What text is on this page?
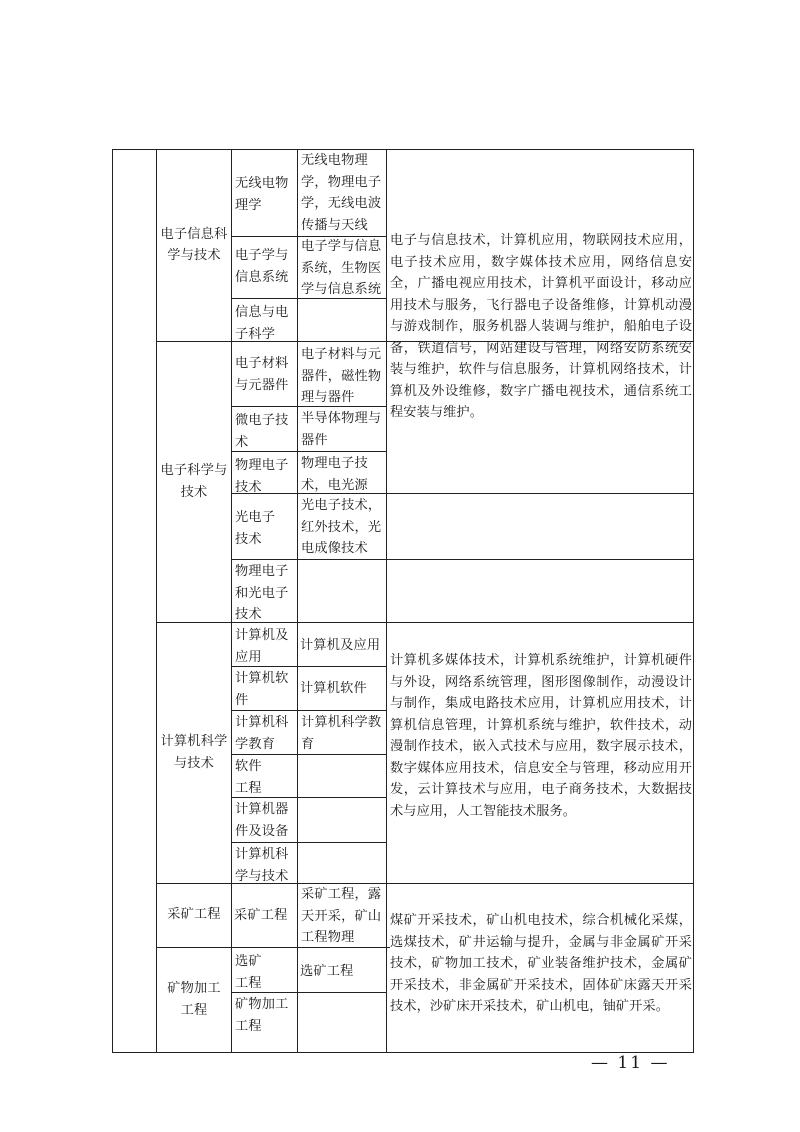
电子信息科学与技术
电子科学与技术
计算机科学与技术
采矿工程
矿物加工工程
无线电物理学
电子学与信息系统
信息与电子科学
电子材料与元器件
微电子技术
物理电子技术
光电子技术
物理电子和光电子技术
计算机及应用
计算机软件
计算机科学教育
软件工程
计算机器件及设备
计算机科学与技术
采矿工程
选矿工程
矿物加工工程
无线电物理学，物理电子学，无线电波传播与天线
电子学与信息系统，生物医学与信息系统
电子材料与元器件，磁性物理与器件
半导体物理与器件
物理电子技术，电光源
光电子技术，红外技术，光电成像技术
计算机及应用
计算机软件
计算机科学教育
采矿工程，露天开采，矿山工程物理
选矿工程
电子与信息技术，计算机应用，物联网技术应用，电子技术应用，数字媒体技术应用，网络信息安全，广播电视应用技术，计算机平面设计，移动应用技术与服务，飞行器电子设备维修，计算机动漫与游戏制作，服务机器人装调与维护，船舶电子设备，铁道信号，网站建设与管理，网络安防系统安装与维护，软件与信息服务，计算机网络技术，计算机及外设维修，数字广播电视技术，通信系统工程安装与维护。
计算机多媒体技术，计算机系统维护，计算机硬件与外设，网络系统管理，图形图像制作，动漫设计与制作，集成电路技术应用，计算机应用技术，计算机信息管理，计算机系统与维护，软件技术，动漫制作技术，嵌入式技术与应用，数字展示技术，数字媒体应用技术，信息安全与管理，移动应用开发，云计算技术与应用，电子商务技术，大数据技术与应用，人工智能技术服务。
煤矿开采技术，矿山机电技术，综合机械化采煤，选煤技术，矿井运输与提升，金属与非金属矿开采技术，矿物加工技术，矿业装备维护技术，金属矿开采技术，非金属矿开采技术，固体矿床露天开采技术，沙矿床开采技术，矿山机电，铀矿开采。
— 11 —
